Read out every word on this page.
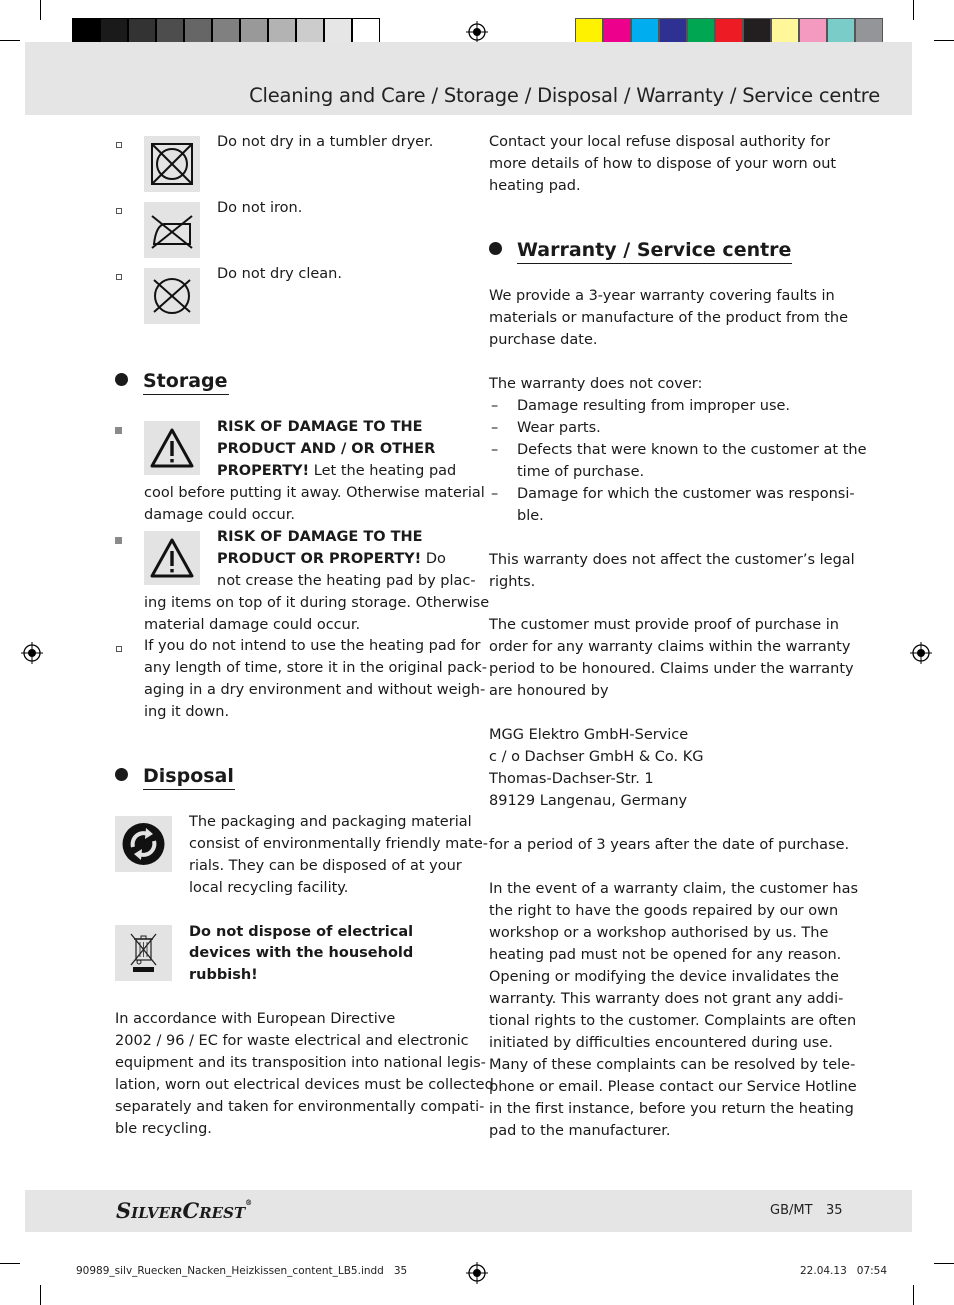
Cleaning and Care / Storage / Disposal / Warranty / Service centre
Do not dry in a tumbler dryer.
Do not iron.
Do not dry clean.
Storage
RISK OF DAMAGE TO THE
PRODUCT AND / OR OTHER
PROPERTY! Let the heating pad
cool before putting it away. Otherwise material
damage could occur.
RISK OF DAMAGE TO THE
PRODUCT OR PROPERTY! Do
not crease the heating pad by plac-
ing items on top of it during storage. Otherwise
material damage could occur.
If you do not intend to use the heating pad for
any length of time, store it in the original pack-
aging in a dry environment and without weigh-
ing it down.
Disposal
The packaging and packaging material
consist of environmentally friendly mate-
rials. They can be disposed of at your
local recycling facility.
Do not dispose of electrical
devices with the household
rubbish!
In accordance with European Directive
2002 / 96 / EC for waste electrical and electronic
equipment and its transposition into national legis-
lation, worn out electrical devices must be collected
separately and taken for environmentally compati-
ble recycling.
Contact your local refuse disposal authority for
more details of how to dispose of your worn out
heating pad.
Warranty / Service centre
We provide a 3-year warranty covering faults in
materials or manufacture of the product from the
purchase date.
The warranty does not cover:
– Damage resulting from improper use.
– Wear parts.
– Defects that were known to the customer at the
time of purchase.
– Damage for which the customer was responsi-
ble.
This warranty does not affect the customer’s legal
rights.
The customer must provide proof of purchase in
order for any warranty claims within the warranty
period to be honoured. Claims under the warranty
are honoured by
MGG Elektro GmbH-Service
c / o Dachser GmbH & Co. KG
Thomas-Dachser-Str. 1
89129 Langenau, Germany
for a period of 3 years after the date of purchase.
In the event of a warranty claim, the customer has
the right to have the goods repaired by our own
workshop or a workshop authorised by us. The
heating pad must not be opened for any reason.
Opening or modifying the device invalidates the
warranty. This warranty does not grant any addi-
tional rights to the customer. Complaints are often
initiated by difficulties encountered during use.
Many of these complaints can be resolved by tele-
phone or email. Please contact our Service Hotline
in the first instance, before you return the heating
pad to the manufacturer.
SILVERCREST®
GB/MT 35
90989_silv_Ruecken_Nacken_Heizkissen_content_LB5.indd   35	22.04.13   07:54
